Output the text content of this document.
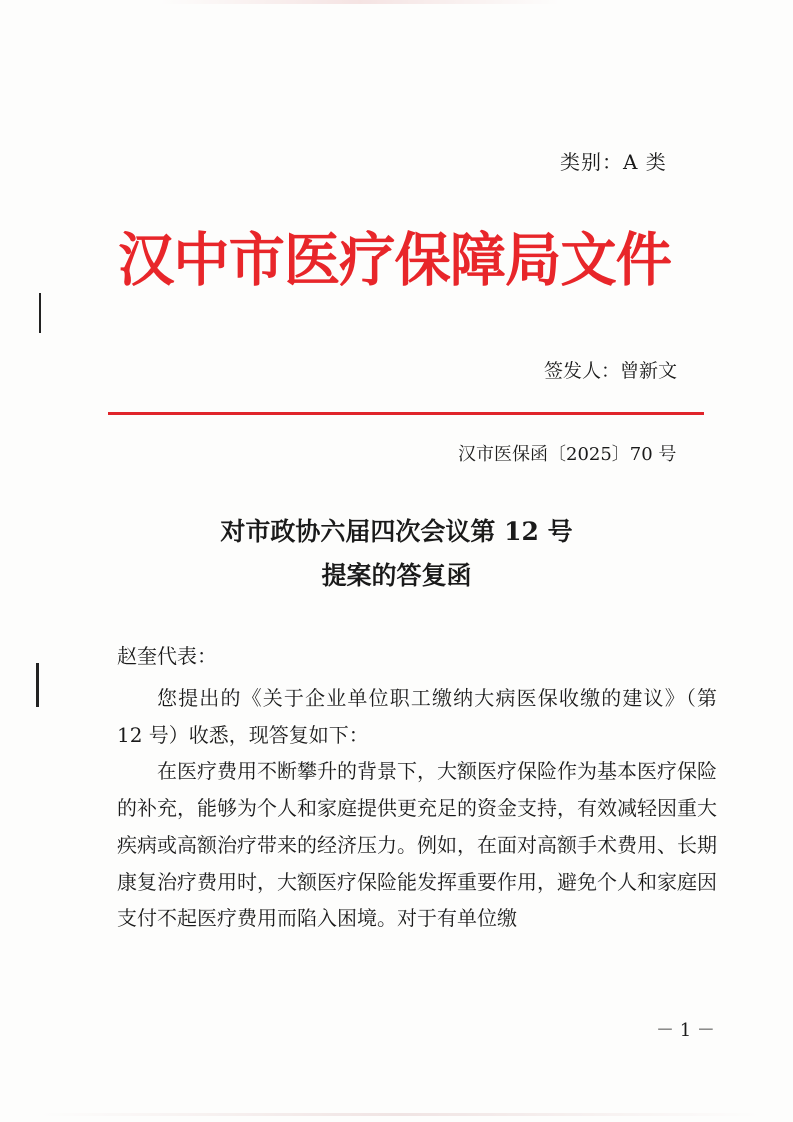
类别：A 类
汉中市医疗保障局文件
签发人：曾新文
汉市医保函〔2025〕70 号
对市政协六届四次会议第 12 号
提案的答复函
赵奎代表：

您提出的《关于企业单位职工缴纳大病医保收缴的建议》（第 12 号）收悉，现答复如下：

在医疗费用不断攀升的背景下，大额医疗保险作为基本医疗保险的补充，能够为个人和家庭提供更充足的资金支持，有效减轻因重大疾病或高额治疗带来的经济压力。例如，在面对高额手术费用、长期康复治疗费用时，大额医疗保险能发挥重要作用，避免个人和家庭因支付不起医疗费用而陷入困境。对于有单位缴

－ 1 －
